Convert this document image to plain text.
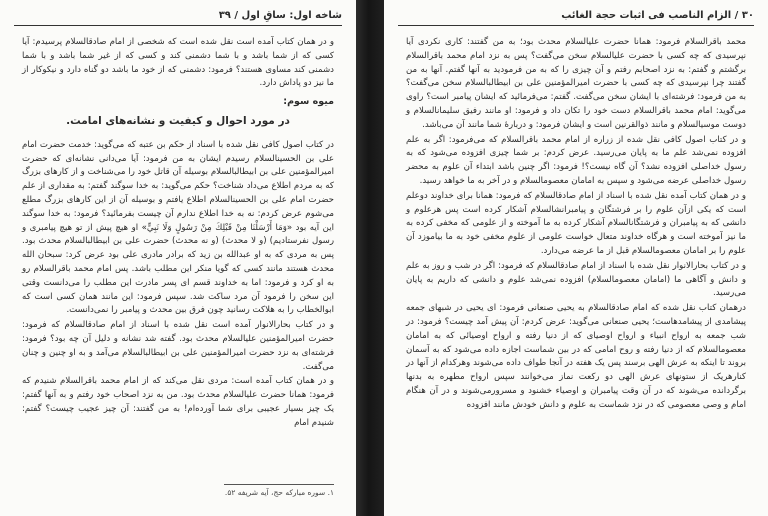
شاخه اول: ساقِ اول / ۳۹

و در همان کتاب آمده است نقل شده است که شخصی از امام صادقالسلام پرسیدم: آیا کسی که از شما باشد و با شما دشمنی کند و کسی که از غیر شما باشد و با شما دشمنی کند مساوی هستند؟ فرمود: دشمنی که از خود ما باشد دو گناه دارد و نیکوکار از ما نیز دو پاداش دارد.

میوه سوم:

در مورد احوال و کیفیت و نشانه‌های امامت.

در کتاب اصول کافی نقل شده با اسناد از حکم بن عتبه که می‌گوید: خدمت حضرت امام علی بن الحسینالسلام رسیدم ایشان به من فرمود: آیا می‌دانی نشانه‌ای که حضرت امیرالمؤمنین علی بن ابیطالبالسلام بوسیله آن قاتل خود را می‌شناخت و از کارهای بزرگ که به مردم اطلاع می‌داد شناخت؟ حکم می‌گوید: به خدا سوگند گفتم: به مقداری از علم حضرت امام علی بن الحسینالسلام اطلاع یافتم و بوسیله آن از این کارهای بزرگ مطلع می‌شوم عرض کردم: نه به خدا اطلاع ندارم آن چیست بفرمائید؟ فرمود: به خدا سوگند این آیه بود «وَمَا أَرْسَلْنَا مِنْ قَبْلِكَ مِنْ رَسُولٍ وَلَا نَبِيٍّ» او هیچ پیش از تو هیچ پیامبری و رسول نفرستادیم) (و لا محدث) (و نه محدث) حضرت علی بن ابیطالبالسلام محدث بود. پس به مردی که به او عبدالله بن زید که برادر مادری علی بود عرض کرد: سبحان الله محدث هستند مانند کسی که گویا منکر این مطلب باشد. پس امام محمد باقرالسلام رو به او کرد و فرمود: اما به خداوند قسم ای پسر مادرت این مطلب را می‌دانست وقتی این سخن را فرمود آن مرد ساکت شد. سپس فرمود: این مانند همان کسی است که ابوالخطاب را به هلاکت رسانید چون فرق بین محدث و پیامبر را نمی‌دانست.

و در کتاب بحارالانوار آمده است نقل شده با اسناد از امام صادقالسلام که فرمود: حضرت امیرالمؤمنین علیالسلام محدث بود. گفته شد نشانه و دلیل آن چه بود؟ فرمود: فرشته‌ای به نزد حضرت امیرالمؤمنین علی بن ابیطالبالسلام می‌آمد و به او چنین و چنان می‌گفت.

و در همان کتاب آمده است: مردی نقل می‌کند که از امام محمد باقرالسلام شنیدم که فرمود: همانا حضرت علیالسلام محدث بود. من به نزد اصحاب خود رفتم و به آنها گفتم: یک چیز بسیار عجیبی برای شما آورده‌ام! به من گفتند: آن چیز عجیب چیست؟ گفتم: شنیدم امام

۱. سوره مبارکه حج، آیه شریفه ۵۲.
۳۰ / الزام الناصب فی اثبات حجة الغائب

محمد باقرالسلام فرمود: همانا حضرت علیالسلام محدث بود؛ به من گفتند: کاری نکردی آیا نپرسیدی که چه کسی با حضرت علیالسلام سخن می‌گفت؟ پس به نزد امام محمد باقرالسلام برگشتم و گفتم: به نزد اصحابم رفتم و آن چیزی را که به من فرمودید به آنها گفتم. آنها به من گفتند چرا نپرسیدی که چه کسی با حضرت امیرالمؤمنین علی بن ابیطالبالسلام سخن می‌گفت؟ به من فرمود: فرشته‌ای با ایشان سخن می‌گفت. گفتم: می‌فرمائید که ایشان پیامبر است؟ راوی می‌گوید: امام محمد باقرالسلام دست خود را تکان داد و فرمود: او مانند رفیق سلیمانالسلام و دوست موسیالسلام و مانند ذوالقرنین است و ایشان فرمود: و دربارهٔ شما مانند آن می‌باشد.

و در کتاب اصول کافی نقل شده از زراره از امام محمد باقرالسلام که می‌فرمود: اگر به علم افزوده نمی‌شد علم ما به پایان می‌رسید. عرض کردم: بر شما چیزی افزوده می‌شود که به رسول خداصلى افزوده نشد؟ آن گاه نیست؟! فرمود: اگر چنین باشد ابتداء آن علوم به محضر رسول خداصلى عرضه می‌شود و سپس به امامان معصومالسلام و در آخر به ما خواهد رسید.

و در همان کتاب آمده نقل شده با اسناد از امام صادقالسلام که فرمود: همانا برای خداوند دوعلم است که یکی ازآن علوم را بر فرشتگان و پیامبرانشالسلام آشکار کرده است پس هرعلوم و دانشی که به پیامبران و فرشتگانالسلام آشکار کرده به ما آموخته و از علومی که مخفی کرده به ما نیز آموخته است و هرگاه خداوند متعال خواست علومی از علوم مخفی خود به ما بیاموزد آن علوم را بر امامان معصومالسلام قبل از ما عرضه می‌دارد.

و در کتاب بحارالانوار نقل شده با اسناد از امام صادقالسلام که فرمود: اگر در شب و روز به علم و دانش و آگاهی ما (امامان معصومالسلام) افزوده نمی‌شد علوم و دانشی که داریم به پایان می‌رسید.

درهمان کتاب نقل شده که امام صادقالسلام به یحیی صنعانی فرمود: ای یحیی در شبهای جمعه پیشامدی از پیشامدهاست؛ یحیی صنعانی می‌گوید: عرض کردم: آن پیش آمد چیست؟ فرمود: در شب جمعه به ارواح انبیاء و ارواح اوصیای که از دنیا رفته و ارواح اوصیائی که به امامان معصومالسلام که از دنیا رفته و روح امامی که در بین شماست اجازه داده می‌شود که به آسمان بروند تا اینکه به عرش الهی برسند پس یک هفته در آنجا طواف داده می‌شوند وهرکدام از آنها در کنارهریک از ستونهای عرش الهی دو رکعت نماز می‌خوانند سپس ارواح مطهره به بدنها برگردانده می‌شوند که در آن وقت پیامبران و اوصیاء خشنود و مسرورمی‌شوند و در آن هنگام امام و وصی معصومی که در نزد شماست به علوم و دانش خودش مانند افزوده
